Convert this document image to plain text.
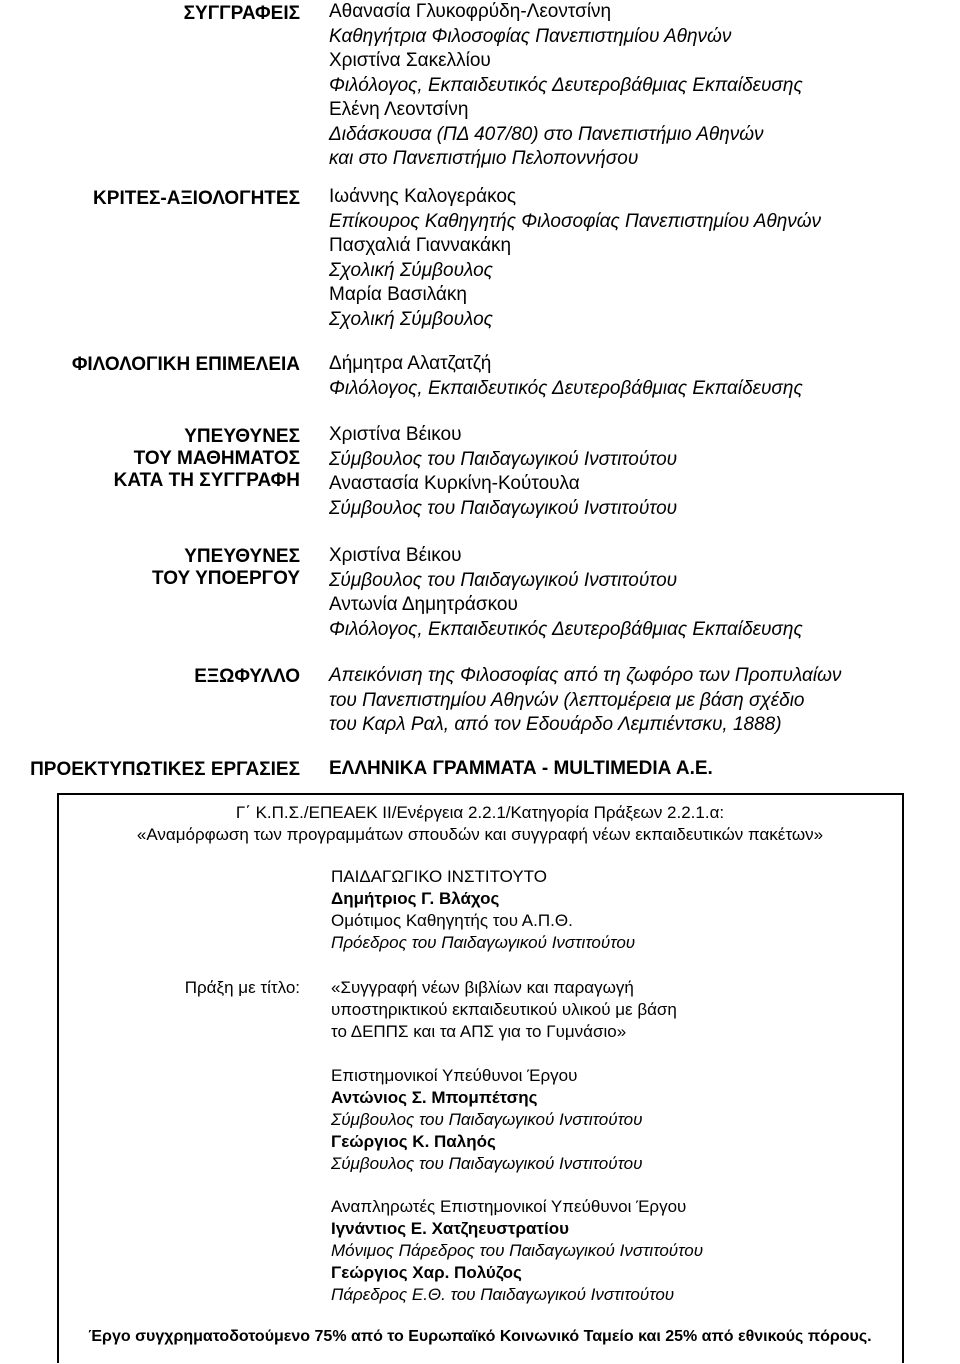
ΣΥΓΓΡΑΦΕΙΣ Αθανασία Γλυκοφρύδη-Λεοντσίνη
Καθηγήτρια Φιλοσοφίας Πανεπιστημίου Αθηνών
Χριστίνα Σακελλίου
Φιλόλογος, Εκπαιδευτικός Δευτεροβάθμιας Εκπαίδευσης
Ελένη Λεοντσίνη
Διδάσκουσα (ΠΔ 407/80) στο Πανεπιστήμιο Αθηνών
και στο Πανεπιστήμιο Πελοποννήσου
ΚΡΙΤΕΣ-ΑΞΙΟΛΟΓΗΤΕΣ Ιωάννης Καλογεράκος
Επίκουρος Καθηγητής Φιλοσοφίας Πανεπιστημίου Αθηνών
Πασχαλιά Γιαννακάκη
Σχολική Σύμβουλος
Μαρία Βασιλάκη
Σχολική Σύμβουλος
ΦΙΛΟΛΟΓΙΚΗ ΕΠΙΜΕΛΕΙΑ Δήμητρα Αλατζατζή
Φιλόλογος, Εκπαιδευτικός Δευτεροβάθμιας Εκπαίδευσης
ΥΠΕΥΘΥΝΕΣ
ΤΟΥ ΜΑΘΗΜΑΤΟΣ
ΚΑΤΑ ΤΗ ΣΥΓΓΡΑΦΗ
Χριστίνα Βέικου
Σύμβουλος του Παιδαγωγικού Ινστιτούτου
Αναστασία Κυρκίνη-Κούτουλα
Σύμβουλος του Παιδαγωγικού Ινστιτούτου
ΥΠΕΥΘΥΝΕΣ
ΤΟΥ ΥΠΟΕΡΓΟΥ
Χριστίνα Βέικου
Σύμβουλος του Παιδαγωγικού Ινστιτούτου
Αντωνία Δημητράσκου
Φιλόλογος, Εκπαιδευτικός Δευτεροβάθμιας Εκπαίδευσης
ΕΞΩΦΥΛΛΟ Απεικόνιση της Φιλοσοφίας από τη ζωφόρο των Προπυλαίων
του Πανεπιστημίου Αθηνών (λεπτομέρεια με βάση σχέδιο
του Καρλ Ραλ, από τον Εδουάρδο Λεμπιέντσκυ, 1888)
ΠΡΟΕΚΤΥΠΩΤΙΚΕΣ ΕΡΓΑΣΙΕΣ ΕΛΛΗΝΙΚΑ ΓΡΑΜΜΑΤΑ - MULTIMEDIA Α.Ε.
Γ΄ Κ.Π.Σ./ΕΠΕΑΕΚ ΙΙ/Ενέργεια 2.2.1/Κατηγορία Πράξεων 2.2.1.α:
«Αναμόρφωση των προγραμμάτων σπουδών και συγγραφή νέων εκπαιδευτικών πακέτων»
ΠΑΙΔΑΓΩΓΙΚΟ ΙΝΣΤΙΤΟΥΤΟ
Δημήτριος Γ. Βλάχος
Ομότιμος Καθηγητής του Α.Π.Θ.
Πρόεδρος του Παιδαγωγικού Ινστιτούτου
Πράξη με τίτλο: «Συγγραφή νέων βιβλίων και παραγωγή
υποστηρικτικού εκπαιδευτικού υλικού με βάση
το ΔΕΠΠΣ και τα ΑΠΣ για το Γυμνάσιο»
Επιστημονικοί Υπεύθυνοι Έργου
Αντώνιος Σ. Μπομπέτσης
Σύμβουλος του Παιδαγωγικού Ινστιτούτου
Γεώργιος Κ. Παληός
Σύμβουλος του Παιδαγωγικού Ινστιτούτου
Αναπληρωτές Επιστημονικοί Υπεύθυνοι Έργου
Ιγνάντιος Ε. Χατζηευστρατίου
Μόνιμος Πάρεδρος του Παιδαγωγικού Ινστιτούτου
Γεώργιος Χαρ. Πολύζος
Πάρεδρος Ε.Θ. του Παιδαγωγικού Ινστιτούτου
Έργο συγχρηματοδοτούμενο 75% από το Ευρωπαϊκό Κοινωνικό Ταμείο και 25% από εθνικούς πόρους.
